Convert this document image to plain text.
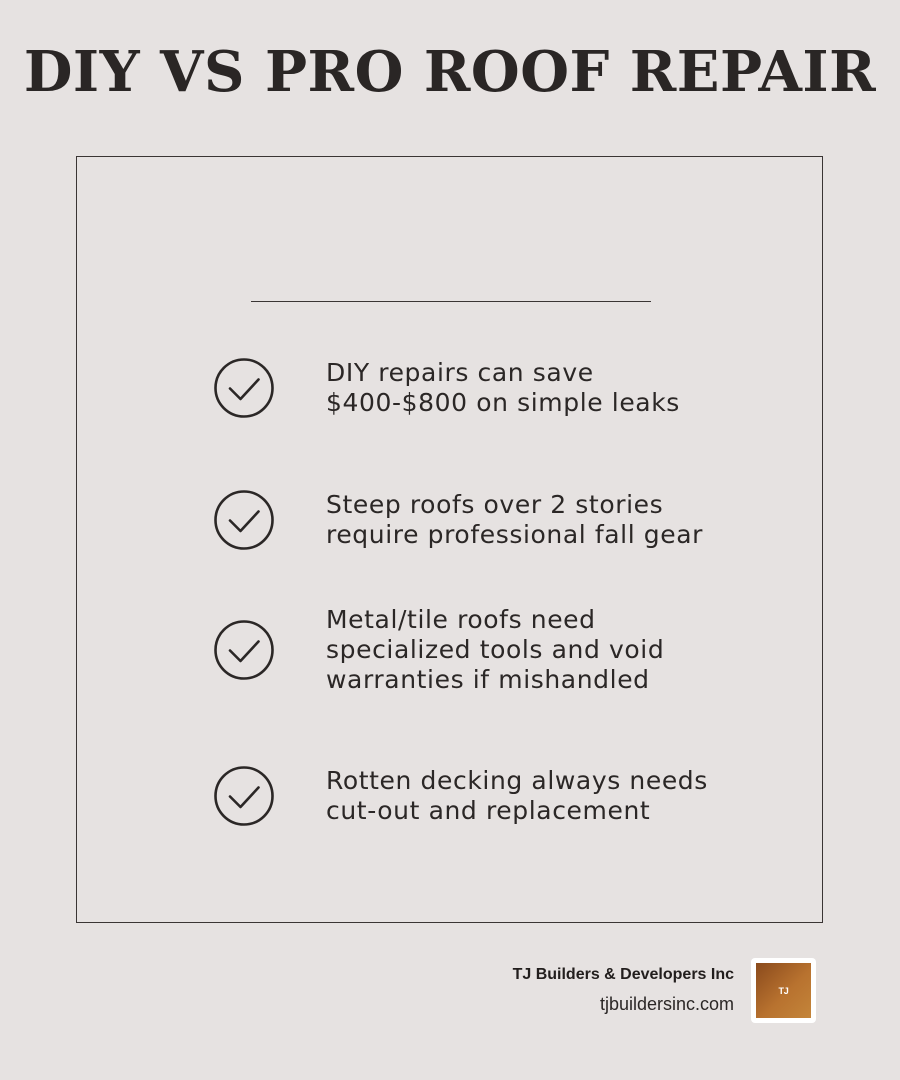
DIY VS PRO ROOF REPAIR
DIY repairs can save
$400-$800 on simple leaks
Steep roofs over 2 stories
require professional fall gear
Metal/tile roofs need
specialized tools and void
warranties if mishandled
Rotten decking always needs
cut-out and replacement
TJ Builders & Developers Inc
tjbuildersinc.com
TJ
